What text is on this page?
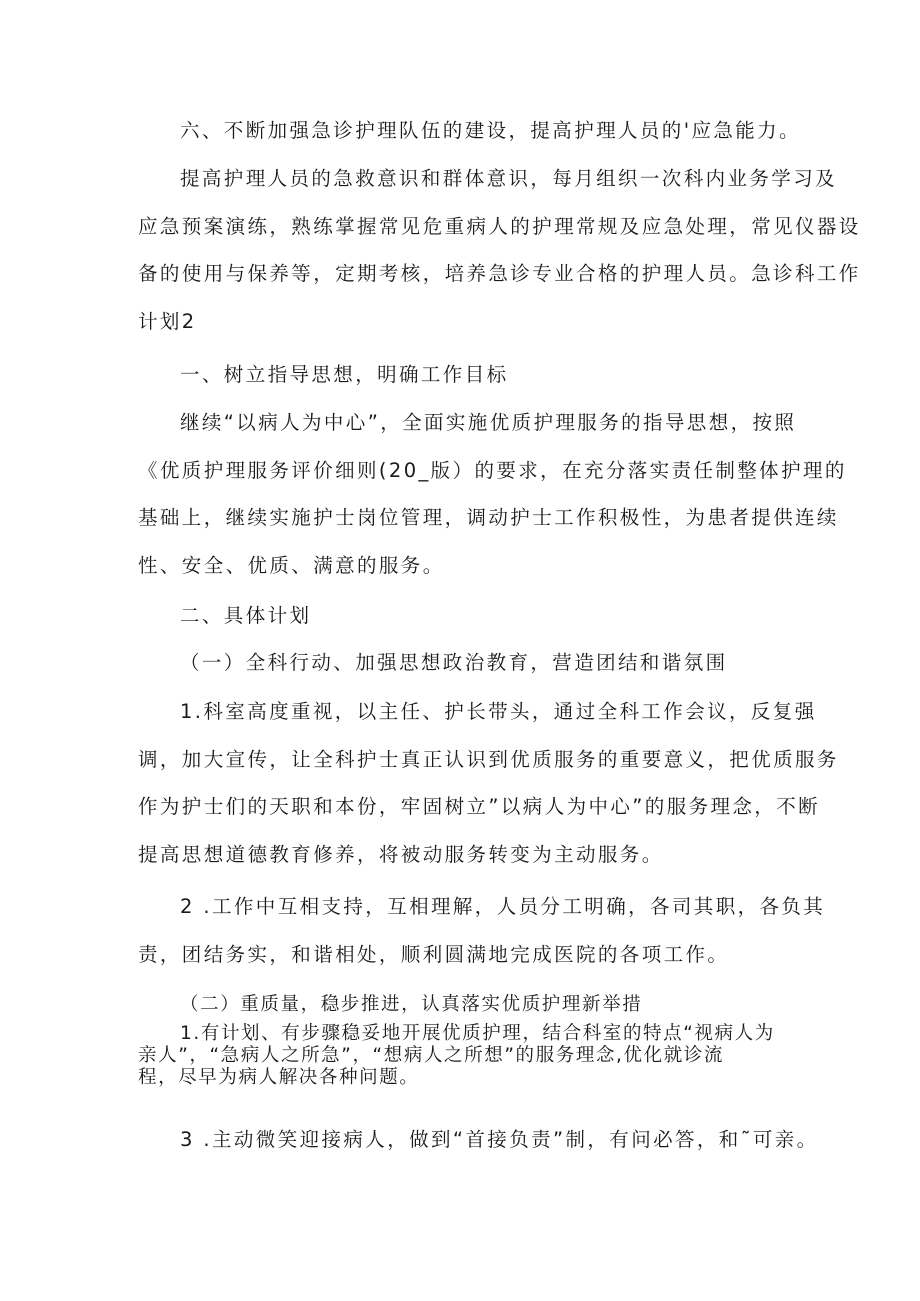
六、不断加强急诊护理队伍的建设，提高护理人员的'应急能力。

提高护理人员的急救意识和群体意识，每月组织一次科内业务学习及
应急预案演练，熟练掌握常见危重病人的护理常规及应急处理，常见仪器设
备的使用与保养等，定期考核，培养急诊专业合格的护理人员。急诊科工作
计划2

一、树立指导思想，明确工作目标

继续“以病人为中心”，全面实施优质护理服务的指导思想，按照
《优质护理服务评价细则(20_版）的要求，在充分落实责任制整体护理的
基础上，继续实施护士岗位管理，调动护士工作积极性，为患者提供连续
性、安全、优质、满意的服务。

二、具体计划

（一）全科行动、加强思想政治教育，营造团结和谐氛围

1.科室高度重视，以主任、护长带头，通过全科工作会议，反复强
调，加大宣传，让全科护士真正认识到优质服务的重要意义，把优质服务
作为护士们的天职和本份，牢固树立”以病人为中心”的服务理念，不断
提高思想道德教育修养，将被动服务转变为主动服务。

2 .工作中互相支持，互相理解，人员分工明确，各司其职，各负其
责，团结务实，和谐相处，顺利圆满地完成医院的各项工作。

（二）重质量，稳步推进，认真落实优质护理新举措

1.有计划、有步骤稳妥地开展优质护理，结合科室的特点“视病人为
亲人”，“急病人之所急”，“想病人之所想”的服务理念,优化就诊流
程，尽早为病人解决各种问题。

3 .主动微笑迎接病人，做到“首接负责”制，有问必答，和˜可亲。
